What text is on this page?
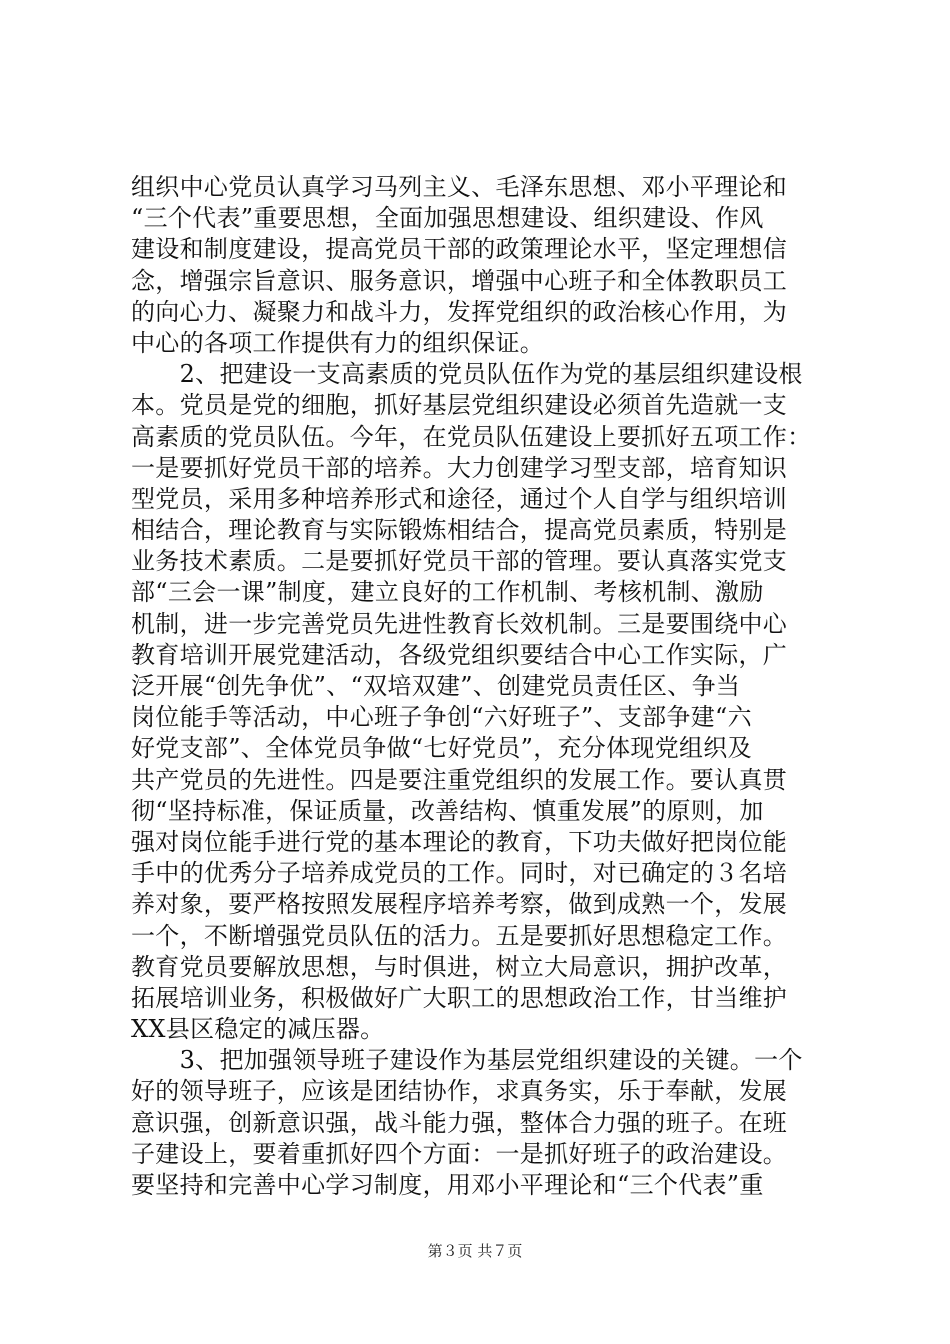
组织中心党员认真学习马列主义、毛泽东思想、邓小平理论和
“三个代表”重要思想，全面加强思想建设、组织建设、作风
建设和制度建设，提高党员干部的政策理论水平，坚定理想信
念，增强宗旨意识、服务意识，增强中心班子和全体教职员工
的向心力、凝聚力和战斗力，发挥党组织的政治核心作用，为
中心的各项工作提供有力的组织保证。
　　2、把建设一支高素质的党员队伍作为党的基层组织建设根
本。党员是党的细胞，抓好基层党组织建设必须首先造就一支
高素质的党员队伍。今年，在党员队伍建设上要抓好五项工作：
一是要抓好党员干部的培养。大力创建学习型支部，培育知识
型党员，采用多种培养形式和途径，通过个人自学与组织培训
相结合，理论教育与实际锻炼相结合，提高党员素质，特别是
业务技术素质。二是要抓好党员干部的管理。要认真落实党支
部“三会一课”制度，建立良好的工作机制、考核机制、激励
机制，进一步完善党员先进性教育长效机制。三是要围绕中心
教育培训开展党建活动，各级党组织要结合中心工作实际，广
泛开展“创先争优”、“双培双建”、创建党员责任区、争当
岗位能手等活动，中心班子争创“六好班子”、支部争建“六
好党支部”、全体党员争做“七好党员”，充分体现党组织及
共产党员的先进性。四是要注重党组织的发展工作。要认真贯
彻“坚持标准，保证质量，改善结构、慎重发展”的原则，加
强对岗位能手进行党的基本理论的教育，下功夫做好把岗位能
手中的优秀分子培养成党员的工作。同时，对已确定的３名培
养对象，要严格按照发展程序培养考察，做到成熟一个，发展
一个，不断增强党员队伍的活力。五是要抓好思想稳定工作。
教育党员要解放思想，与时俱进，树立大局意识，拥护改革，
拓展培训业务，积极做好广大职工的思想政治工作，甘当维护
XX县区稳定的减压器。
　　3、把加强领导班子建设作为基层党组织建设的关键。一个
好的领导班子，应该是团结协作，求真务实，乐于奉献，发展
意识强，创新意识强，战斗能力强，整体合力强的班子。在班
子建设上，要着重抓好四个方面：一是抓好班子的政治建设。
要坚持和完善中心学习制度，用邓小平理论和“三个代表”重
第３页 共７页
